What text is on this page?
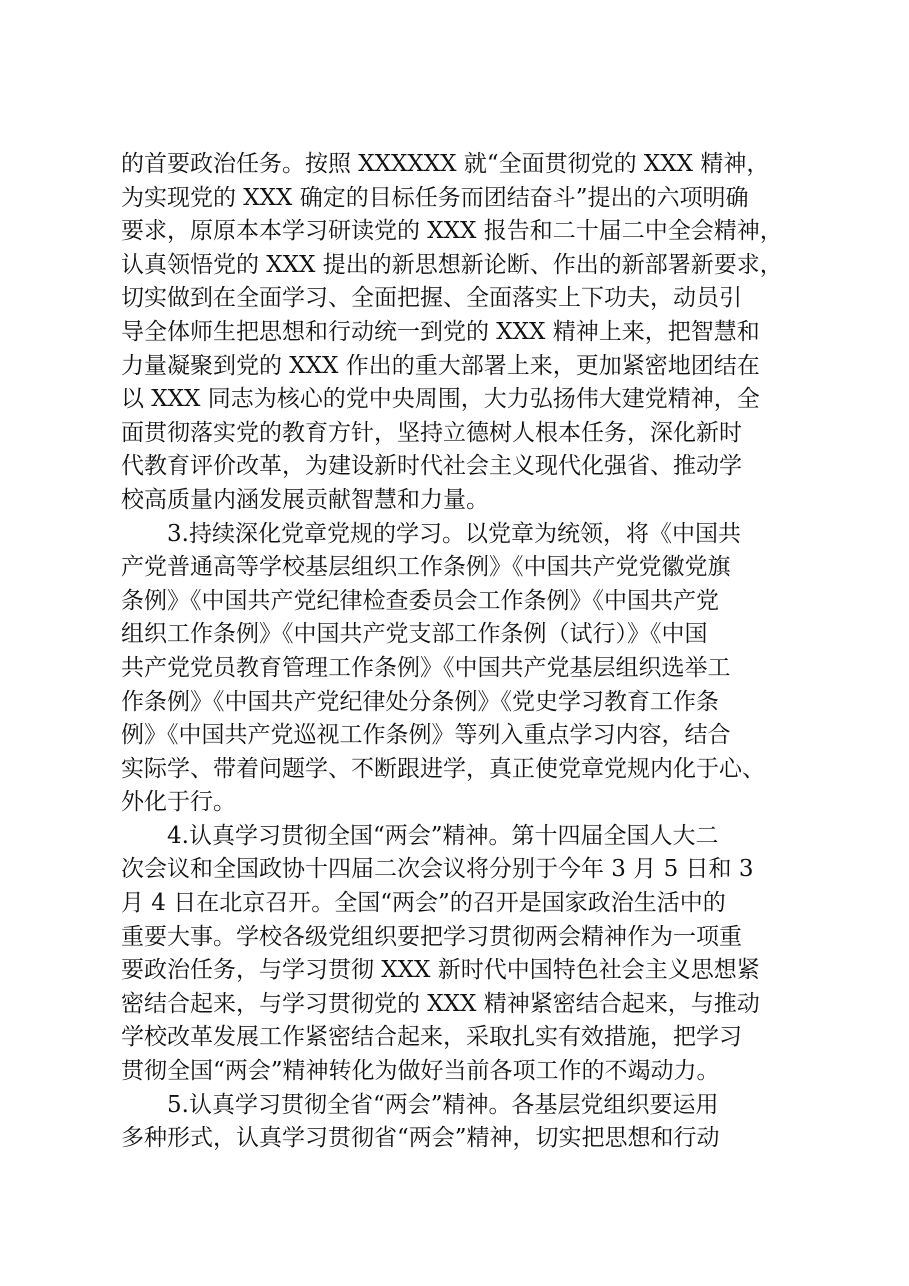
的首要政治任务。按照 XXXXXX 就“全面贯彻党的 XXX 精神，
为实现党的 XXX 确定的目标任务而团结奋斗”提出的六项明确
要求，原原本本学习研读党的 XXX 报告和二十届二中全会精神，
认真领悟党的 XXX 提出的新思想新论断、作出的新部署新要求，
切实做到在全面学习、全面把握、全面落实上下功夫，动员引
导全体师生把思想和行动统一到党的 XXX 精神上来，把智慧和
力量凝聚到党的 XXX 作出的重大部署上来，更加紧密地团结在
以 XXX 同志为核心的党中央周围，大力弘扬伟大建党精神，全
面贯彻落实党的教育方针，坚持立德树人根本任务，深化新时
代教育评价改革，为建设新时代社会主义现代化强省、推动学
校高质量内涵发展贡献智慧和力量。
3.持续深化党章党规的学习。以党章为统领，将《中国共
产党普通高等学校基层组织工作条例》《中国共产党党徽党旗
条例》《中国共产党纪律检查委员会工作条例》《中国共产党
组织工作条例》《中国共产党支部工作条例（试行）》《中国
共产党党员教育管理工作条例》《中国共产党基层组织选举工
作条例》《中国共产党纪律处分条例》《党史学习教育工作条
例》《中国共产党巡视工作条例》等列入重点学习内容，结合
实际学、带着问题学、不断跟进学，真正使党章党规内化于心、
外化于行。
4.认真学习贯彻全国“两会”精神。第十四届全国人大二
次会议和全国政协十四届二次会议将分别于今年 3 月 5 日和 3
月 4 日在北京召开。全国“两会”的召开是国家政治生活中的
重要大事。学校各级党组织要把学习贯彻两会精神作为一项重
要政治任务，与学习贯彻 XXX 新时代中国特色社会主义思想紧
密结合起来，与学习贯彻党的 XXX 精神紧密结合起来，与推动
学校改革发展工作紧密结合起来，采取扎实有效措施，把学习
贯彻全国“两会”精神转化为做好当前各项工作的不竭动力。
5.认真学习贯彻全省“两会”精神。各基层党组织要运用
多种形式，认真学习贯彻省“两会”精神，切实把思想和行动
